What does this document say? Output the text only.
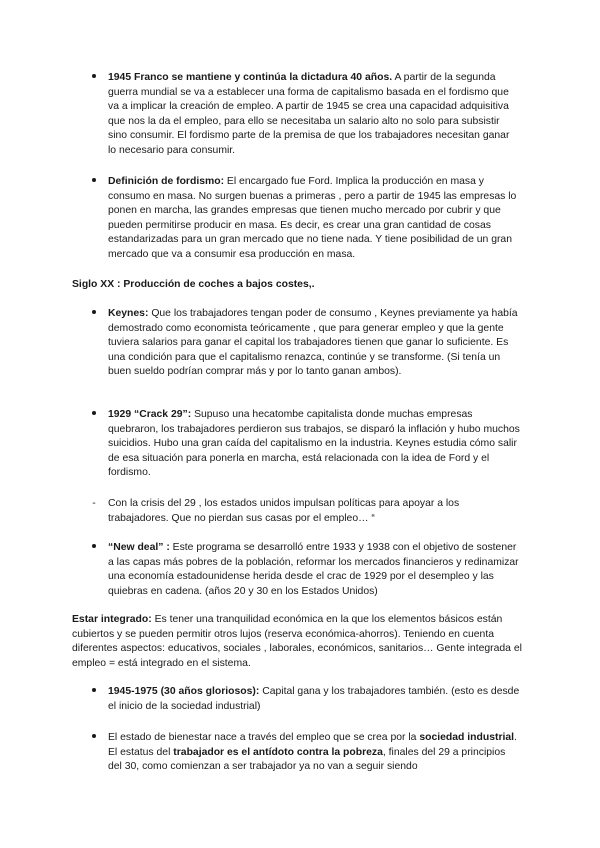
1945 Franco se mantiene y continúa la dictadura 40 años. A partir de la segunda guerra mundial se va a establecer una forma de capitalismo basada en el fordismo que va a implicar la creación de empleo. A partir de 1945 se crea una capacidad adquisitiva que nos la da el empleo, para ello se necesitaba un salario alto no solo para subsistir sino consumir. El fordismo parte de la premisa de que los trabajadores necesitan ganar lo necesario para consumir.
Definición de fordismo: El encargado fue Ford. Implica la producción en masa y consumo en masa. No surgen buenas a primeras , pero a partir de 1945 las empresas lo ponen en marcha, las grandes empresas que tienen mucho mercado por cubrir y que pueden permitirse producir en masa. Es decir, es crear una gran cantidad de cosas estandarizadas para un gran mercado que no tiene nada. Y tiene posibilidad de un gran mercado que va a consumir esa producción en masa.
Siglo XX : Producción de coches a bajos costes,.
Keynes: Que los trabajadores tengan poder de consumo , Keynes previamente ya había demostrado como economista teóricamente , que para generar empleo y que la gente tuviera salarios para ganar el capital los trabajadores tienen que ganar lo suficiente. Es una condición para que el capitalismo renazca, continúe y se transforme. (Si tenía un buen sueldo podrían comprar más y por lo tanto ganan ambos).
1929 “Crack 29”: Supuso una hecatombe capitalista donde muchas empresas quebraron, los trabajadores perdieron sus trabajos, se disparó la inflación y hubo muchos suicidios. Hubo una gran caída del capitalismo en la industria. Keynes estudia cómo salir de esa situación para ponerla en marcha, está relacionada con la idea de Ford y el fordismo.
-	Con la crisis del 29 , los estados unidos impulsan políticas para apoyar a los trabajadores. Que no pierdan sus casas por el empleo… “
“New deal” : Este programa se desarrolló entre 1933 y 1938 con el objetivo de sostener a las capas más pobres de la población, reformar los mercados financieros y redinamizar una economía estadounidense herida desde el crac de 1929 por el desempleo y las quiebras en cadena. (años 20 y 30 en los Estados Unidos)
Estar integrado: Es tener una tranquilidad económica en la que los elementos básicos están cubiertos y se pueden permitir otros lujos (reserva económica-ahorros). Teniendo en cuenta diferentes aspectos: educativos, sociales , laborales, económicos, sanitarios… Gente integrada el empleo = está integrado en el sistema.
1945-1975 (30 años gloriosos): Capital gana y los trabajadores también. (esto es desde el inicio de la sociedad industrial)
El estado de bienestar nace a través del empleo que se crea por la sociedad industrial. El estatus del trabajador es el antídoto contra la pobreza, finales del 29 a principios del 30, como comienzan a ser trabajador ya no van a seguir siendo
